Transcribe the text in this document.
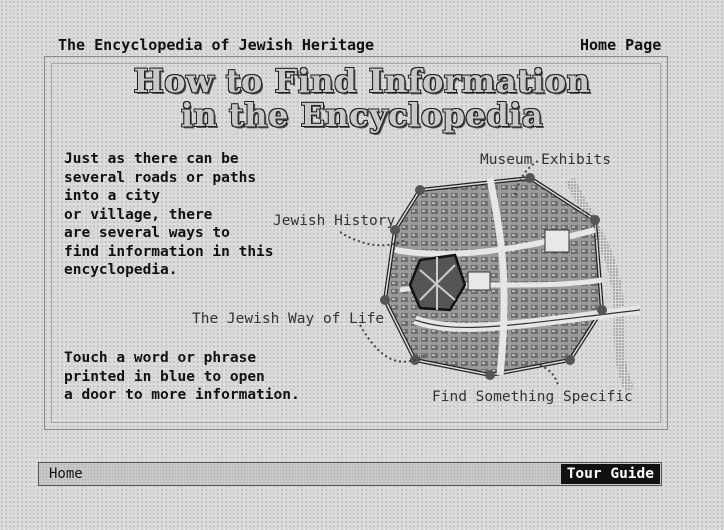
The Encyclopedia of Jewish Heritage	Home Page
How to Find Information
in the Encyclopedia
Just as there can be
several roads or paths
into a city
or village, there
are several ways to
find information in this
encyclopedia.
Museum Exhibits
Jewish History
The Jewish Way of Life
Find Something Specific
Touch a word or phrase
printed in blue to open
a door to more information.
Home	Tour Guide
